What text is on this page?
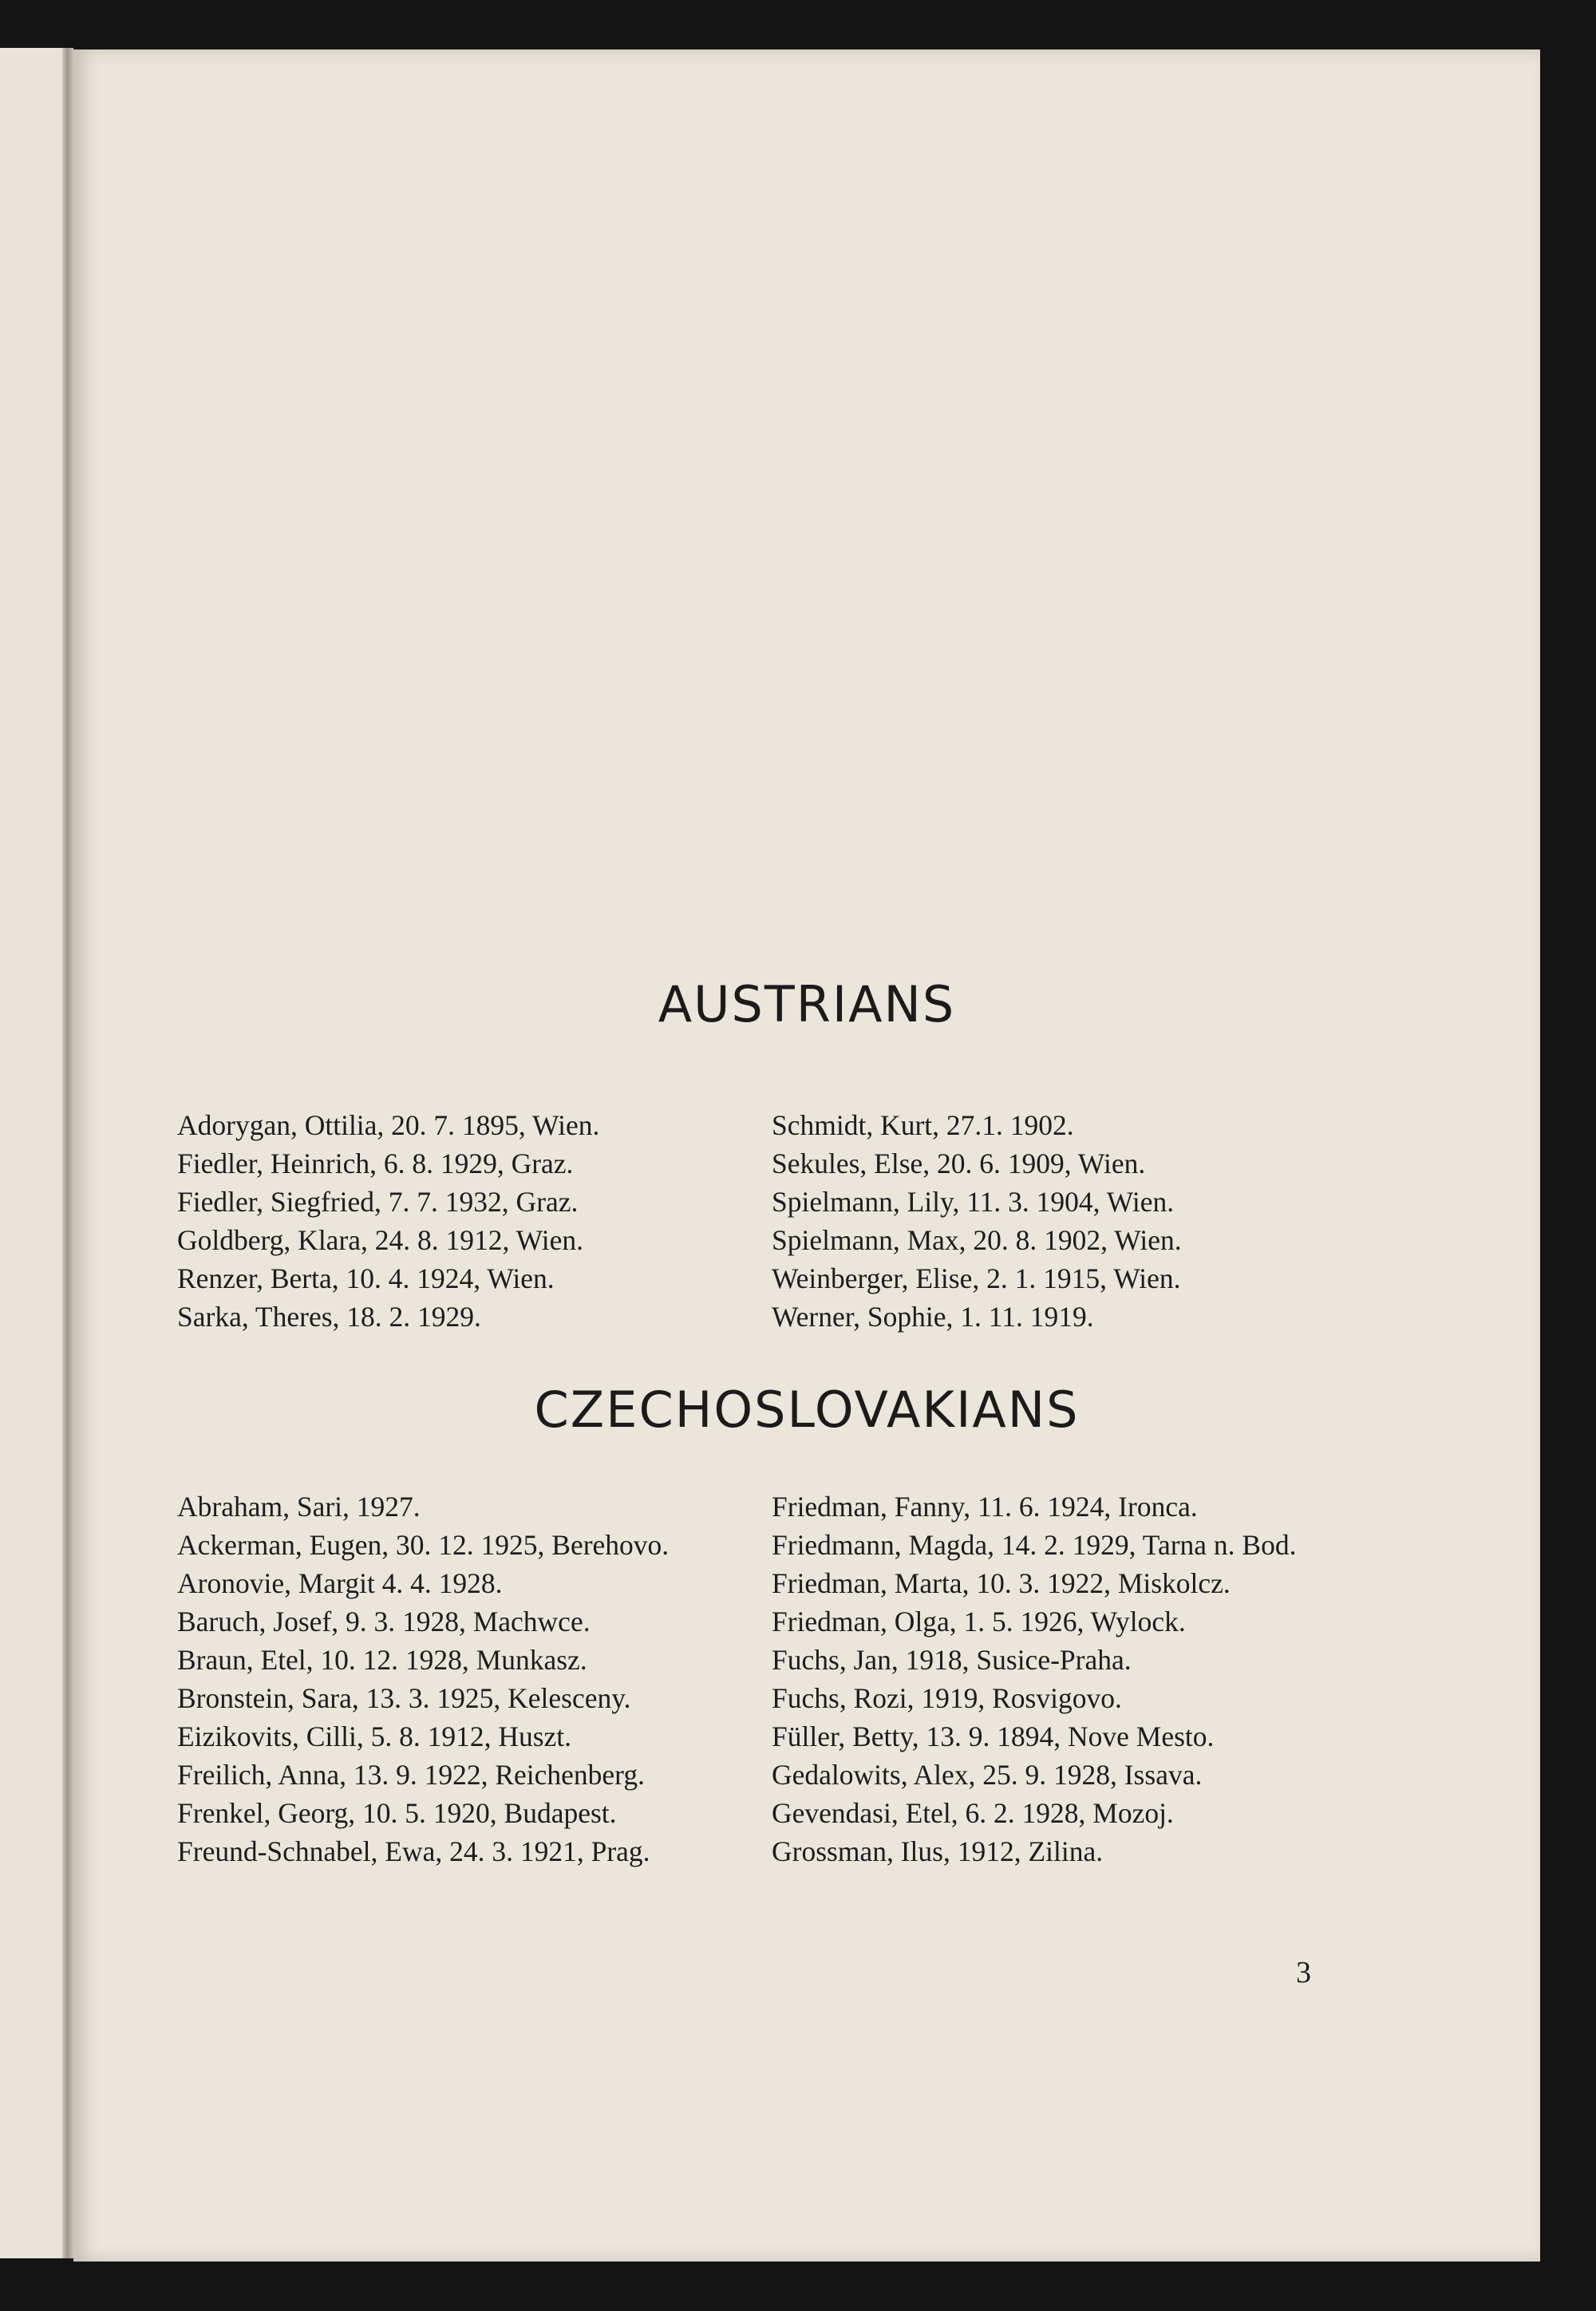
AUSTRIANS
Adorygan, Ottilia, 20. 7. 1895, Wien.
Fiedler, Heinrich, 6. 8. 1929, Graz.
Fiedler, Siegfried, 7. 7. 1932, Graz.
Goldberg, Klara, 24. 8. 1912, Wien.
Renzer, Berta, 10. 4. 1924, Wien.
Sarka, Theres, 18. 2. 1929.
Schmidt, Kurt, 27.1. 1902.
Sekules, Else, 20. 6. 1909, Wien.
Spielmann, Lily, 11. 3. 1904, Wien.
Spielmann, Max, 20. 8. 1902, Wien.
Weinberger, Elise, 2. 1. 1915, Wien.
Werner, Sophie, 1. 11. 1919.
CZECHOSLOVAKIANS
Abraham, Sari, 1927.
Ackerman, Eugen, 30. 12. 1925, Berehovo.
Aronovie, Margit 4. 4. 1928.
Baruch, Josef, 9. 3. 1928, Machwce.
Braun, Etel, 10. 12. 1928, Munkasz.
Bronstein, Sara, 13. 3. 1925, Kelesceny.
Eizikovits, Cilli, 5. 8. 1912, Huszt.
Freilich, Anna, 13. 9. 1922, Reichenberg.
Frenkel, Georg, 10. 5. 1920, Budapest.
Freund-Schnabel, Ewa, 24. 3. 1921, Prag.
Friedman, Fanny, 11. 6. 1924, Ironca.
Friedmann, Magda, 14. 2. 1929, Tarna n. Bod.
Friedman, Marta, 10. 3. 1922, Miskolcz.
Friedman, Olga, 1. 5. 1926, Wylock.
Fuchs, Jan, 1918, Susice-Praha.
Fuchs, Rozi, 1919, Rosvigovo.
Füller, Betty, 13. 9. 1894, Nove Mesto.
Gedalowits, Alex, 25. 9. 1928, Issava.
Gevendasi, Etel, 6. 2. 1928, Mozoj.
Grossman, Ilus, 1912, Zilina.
3
